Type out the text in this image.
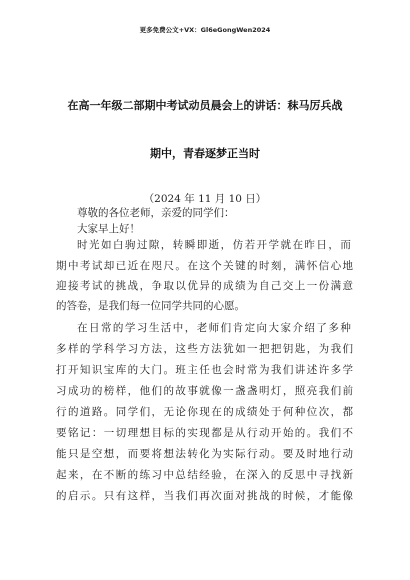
更多免费公文+VX：Gl6eGongWen2024
在高一年级二部期中考试动员晨会上的讲话：秣马厉兵战
期中，青春逐梦正当时
（2024 年 11 月 10 日）
尊敬的各位老师，亲爱的同学们：
大家早上好！
时 光 如 白 驹 过 隙 ， 转 瞬 即 逝 ， 仿 若 开 学 就 在 昨 日 ， 而
期 中 考 试 却 已 近 在 咫 尺 。 在 这 个 关 键 的 时 刻 ， 满 怀 信 心 地
迎 接 考 试 的 挑 战 ， 争 取 以 优 异 的 成 绩 为 自 己 交 上 一 份 满 意
的答卷，是我们每一位同学共同的心愿。
在 日 常 的 学 习 生 活 中 ， 老 师 们 肯 定 向 大 家 介 绍 了 多 种
多 样 的 学 科 学 习 方 法 ， 这 些 方 法 犹 如 一 把 把 钥 匙 ， 为 我 们
打 开 知 识 宝 库 的 大 门 。 班 主 任 也 会 时 常 为 我 们 讲 述 许 多 学
习 成 功 的 榜 样 ， 他 们 的 故 事 就 像 一 盏 盏 明 灯 ， 照 亮 我 们 前
行 的 道 路 。 同 学 们 ， 无 论 你 现 在 的 成 绩 处 于 何 种 位 次 ， 都
要 铭 记 ： 一 切 理 想 目 标 的 实 现 都 是 从 行 动 开 始 的 。 我 们 不
能 只 是 空 想 ， 而 要 将 想 法 转 化 为 实 际 行 动 。 要 及 时 地 行 动
起 来 ， 在 不 断 的 练 习 中 总 结 经 验 ， 在 深 入 的 反 思 中 寻 找 新
的 启 示 。 只 有 这 样 ， 当 我 们 再 次 面 对 挑 战 的 时 候 ， 才 能 像
